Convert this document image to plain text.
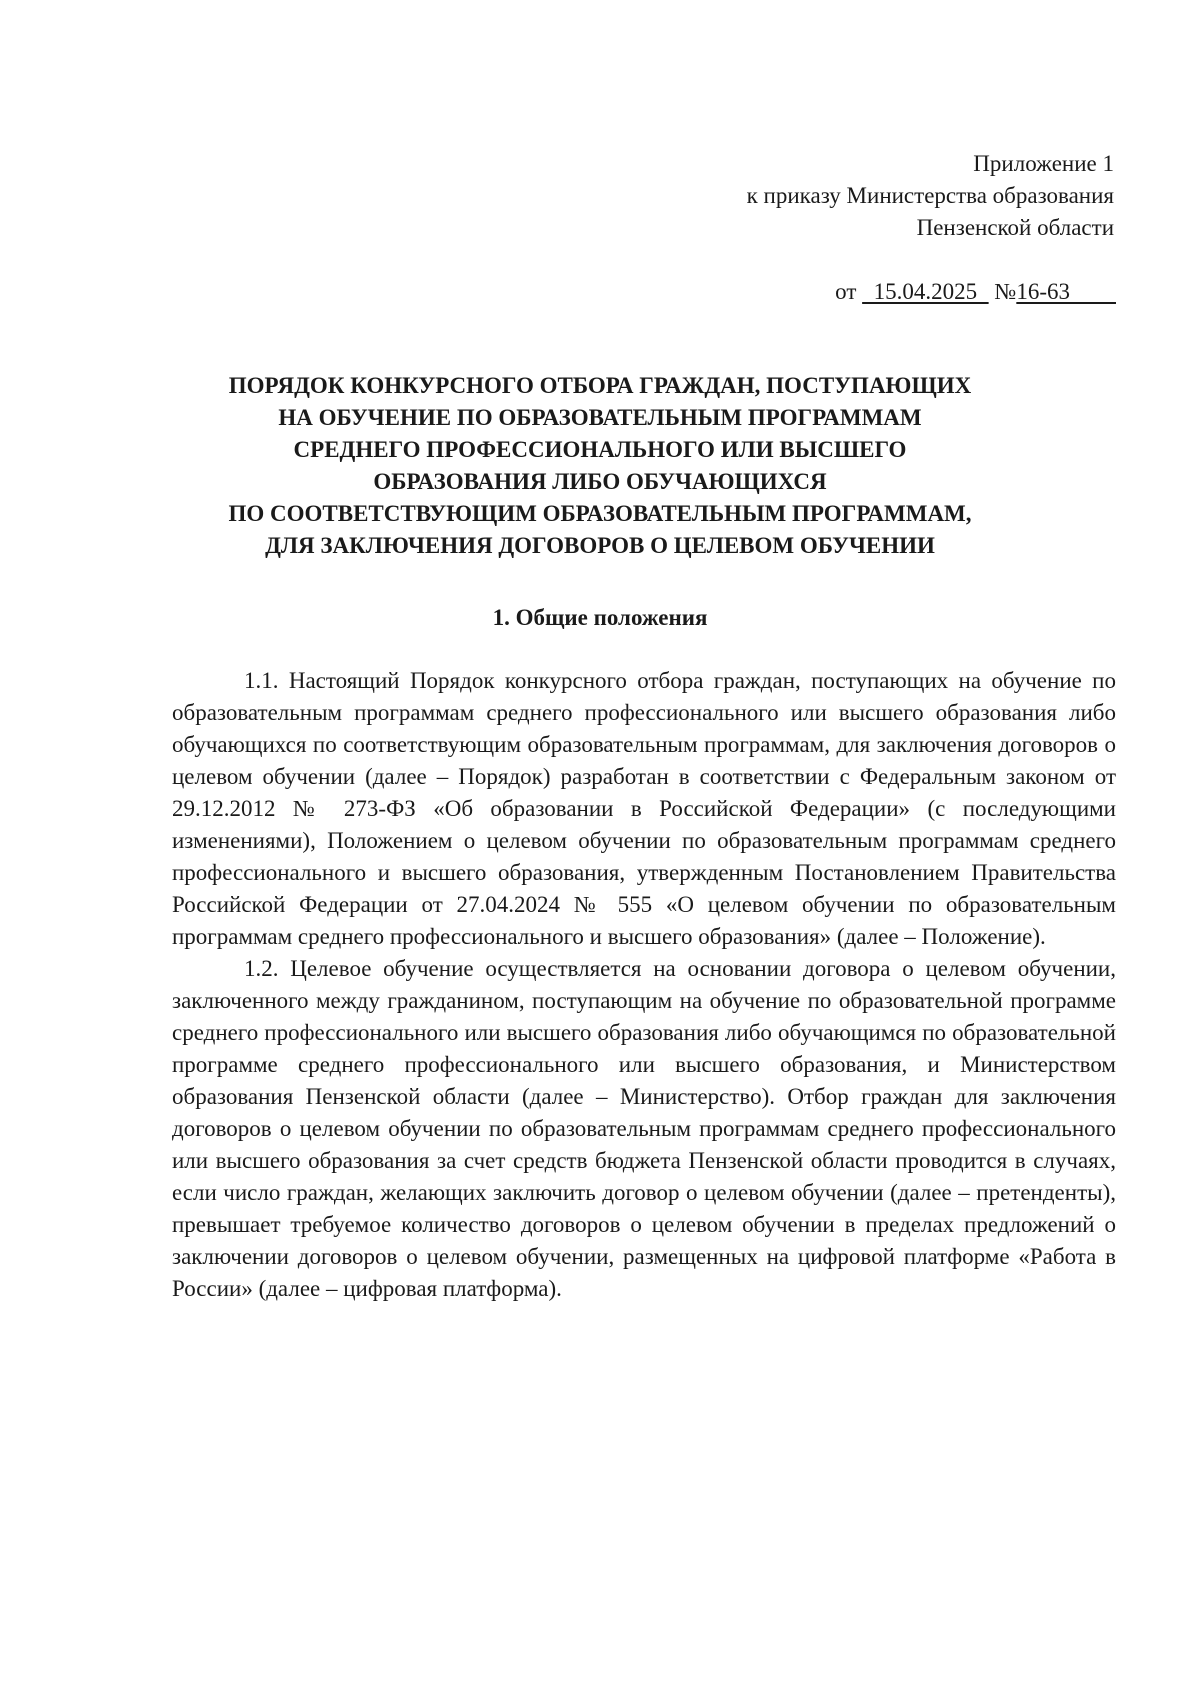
Приложение 1
к приказу Министерства образования
Пензенской области
от   15.04.2025   №16-63
ПОРЯДОК КОНКУРСНОГО ОТБОРА ГРАЖДАН, ПОСТУПАЮЩИХ
НА ОБУЧЕНИЕ ПО ОБРАЗОВАТЕЛЬНЫМ ПРОГРАММАМ
СРЕДНЕГО ПРОФЕССИОНАЛЬНОГО ИЛИ ВЫСШЕГО
ОБРАЗОВАНИЯ ЛИБО ОБУЧАЮЩИХСЯ
ПО СООТВЕТСТВУЮЩИМ ОБРАЗОВАТЕЛЬНЫМ ПРОГРАММАМ,
ДЛЯ ЗАКЛЮЧЕНИЯ ДОГОВОРОВ О ЦЕЛЕВОМ ОБУЧЕНИИ
1. Общие положения

1.1. Настоящий Порядок конкурсного отбора граждан, поступающих на обучение по образовательным программам среднего профессионального или высшего образования либо обучающихся по соответствующим образовательным программам, для заключения договоров о целевом обучении (далее – Порядок) разработан в соответствии с Федеральным законом от 29.12.2012 № 273-ФЗ «Об образовании в Российской Федерации» (с последующими изменениями), Положением о целевом обучении по образовательным программам среднего профессионального и высшего образования, утвержденным Постановлением Правительства Российской Федерации от 27.04.2024 № 555 «О целевом обучении по образовательным программам среднего профессионального и высшего образования» (далее – Положение).

1.2. Целевое обучение осуществляется на основании договора о целевом обучении, заключенного между гражданином, поступающим на обучение по образовательной программе среднего профессионального или высшего образования либо обучающимся по образовательной программе среднего профессионального или высшего образования, и Министерством образования Пензенской области (далее – Министерство). Отбор граждан для заключения договоров о целевом обучении по образовательным программам среднего профессионального или высшего образования за счет средств бюджета Пензенской области проводится в случаях, если число граждан, желающих заключить договор о целевом обучении (далее – претенденты), превышает требуемое количество договоров о целевом обучении в пределах предложений о заключении договоров о целевом обучении, размещенных на цифровой платформе «Работа в России» (далее – цифровая платформа).
